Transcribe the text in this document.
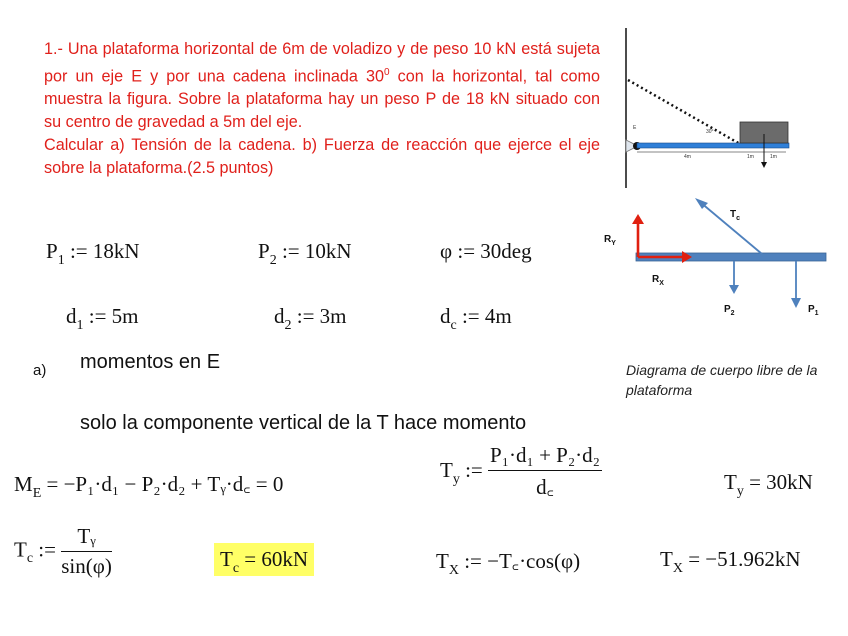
1.- Una plataforma horizontal de 6m de voladizo y de peso 10 kN está sujeta por un eje E y por una cadena inclinada $30^0$ con la horizontal, tal como muestra la figura. Sobre la plataforma hay un peso P de 18 kN situado con su centro de gravedad a 5m del eje.

Calcular a) Tensión de la cadena. b) Fuerza de reacción que ejerce el eje sobre la plataforma.(2.5 puntos)

E
30°
4m	1m	1m
$T_c$
$R_Y$
$R_X$
$P_2$	$P_1$
Diagrama de cuerpo libre de la plataforma
$P_1$ := 18kN	$P_2$ := 10kN	φ := 30deg
$d_1$ := 5m	$d_2$ := 3m	$d_c$ := 4m
a) momentos en E
solo la componente vertical de la T hace momento
$M_E = -P_1\cdot d_1 - P_2\cdot d_2$ + Tᵧ·d꜀ = 0
$T_y$ := $\frac{\text{P₁·d₁ + P₂·d₂}}{d꜀}$	$T_y = 30kN$
$T_c$ := $\frac{\text{Tᵧ}}{\sin(\varphi)}$	$T_c = 60kN$	$T_X$ := −T꜀·cos(φ)	$T_X = -51.962kN$
